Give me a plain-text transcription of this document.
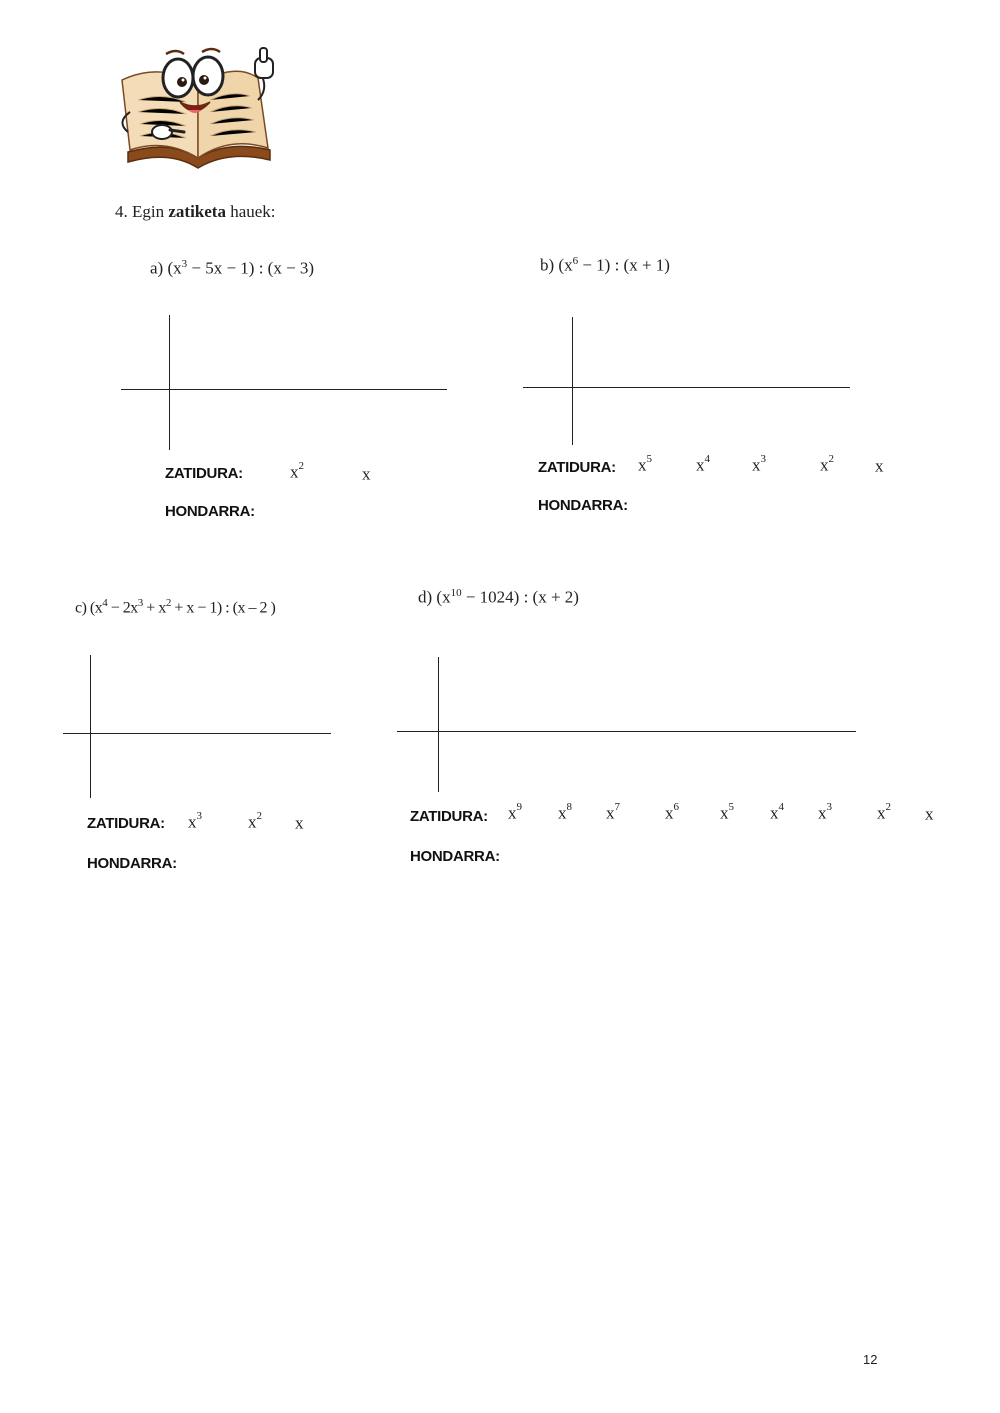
4. Egin zatiketa hauek:
a) $(x^3 - 5x - 1)$ : (x − 3)
ZATIDURA:
HONDARRA:
$x^2$	x
b) $(x^6 - 1)$ : (x + 1)
ZATIDURA:
HONDARRA:
$x^5$	$x^4$ $x^3$	$x^2$ x
c) $(x^4 - 2x^3 + x^2 + x - 1)$ : (x – 2 )
ZATIDURA:
HONDARRA:
$x^3$	$x^2$ x
d) $(x^{10} - 1024)$ : (x + 2)
ZATIDURA:
HONDARRA:
$x^9$ $x^8$ $x^7$	$x^6$ $x^5$ $x^4$ $x^3$	$x^2$ x
12
